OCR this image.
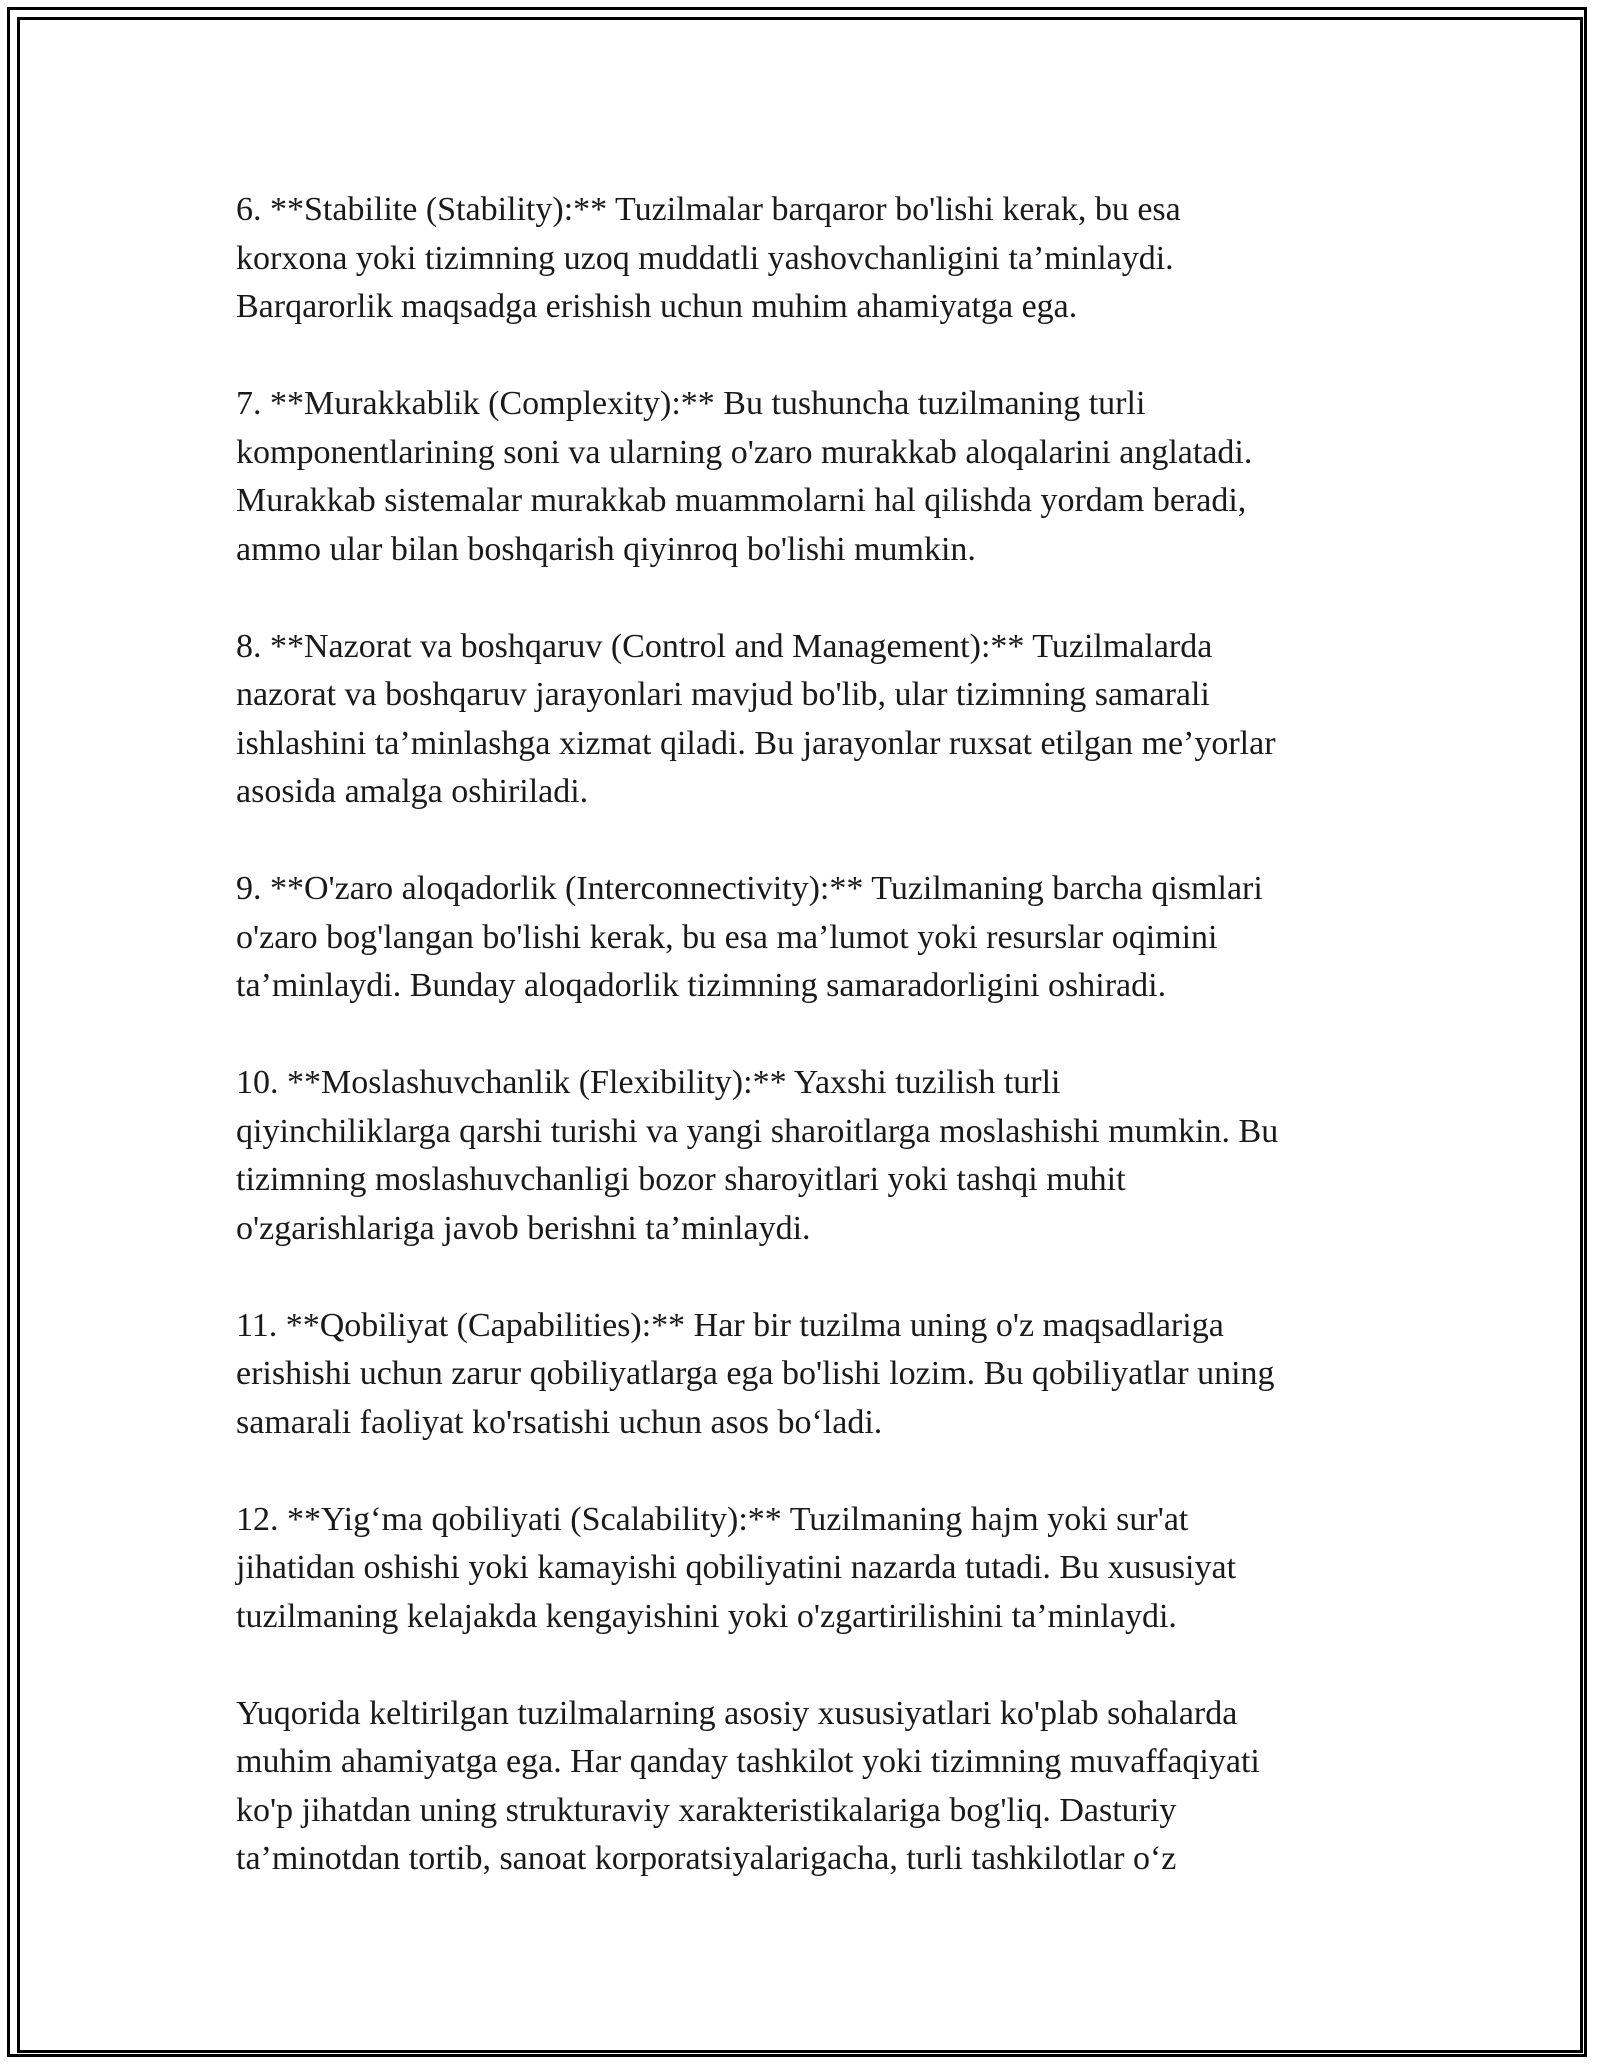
6. **Stabilite (Stability):** Tuzilmalar barqaror bo'lishi kerak, bu esa
korxona yoki tizimning uzoq muddatli yashovchanligini ta’minlaydi.
Barqarorlik maqsadga erishish uchun muhim ahamiyatga ega.

7. **Murakkablik (Complexity):** Bu tushuncha tuzilmaning turli
komponentlarining soni va ularning o'zaro murakkab aloqalarini anglatadi.
Murakkab sistemalar murakkab muammolarni hal qilishda yordam beradi,
ammo ular bilan boshqarish qiyinroq bo'lishi mumkin.

8. **Nazorat va boshqaruv (Control and Management):** Tuzilmalarda
nazorat va boshqaruv jarayonlari mavjud bo'lib, ular tizimning samarali
ishlashini ta’minlashga xizmat qiladi. Bu jarayonlar ruxsat etilgan me’yorlar
asosida amalga oshiriladi.

9. **O'zaro aloqadorlik (Interconnectivity):** Tuzilmaning barcha qismlari
o'zaro bog'langan bo'lishi kerak, bu esa ma’lumot yoki resurslar oqimini
ta’minlaydi. Bunday aloqadorlik tizimning samaradorligini oshiradi.

10. **Moslashuvchanlik (Flexibility):** Yaxshi tuzilish turli
qiyinchiliklarga qarshi turishi va yangi sharoitlarga moslashishi mumkin. Bu
tizimning moslashuvchanligi bozor sharoyitlari yoki tashqi muhit
o'zgarishlariga javob berishni ta’minlaydi.

11. **Qobiliyat (Capabilities):** Har bir tuzilma uning o'z maqsadlariga
erishishi uchun zarur qobiliyatlarga ega bo'lishi lozim. Bu qobiliyatlar uning
samarali faoliyat ko'rsatishi uchun asos bo‘ladi.

12. **Yig‘ma qobiliyati (Scalability):** Tuzilmaning hajm yoki sur'at
jihatidan oshishi yoki kamayishi qobiliyatini nazarda tutadi. Bu xususiyat
tuzilmaning kelajakda kengayishini yoki o'zgartirilishini ta’minlaydi.

Yuqorida keltirilgan tuzilmalarning asosiy xususiyatlari ko'plab sohalarda
muhim ahamiyatga ega. Har qanday tashkilot yoki tizimning muvaffaqiyati
ko'p jihatdan uning strukturaviy xarakteristikalariga bog'liq. Dasturiy
ta’minotdan tortib, sanoat korporatsiyalarigacha, turli tashkilotlar o‘z
